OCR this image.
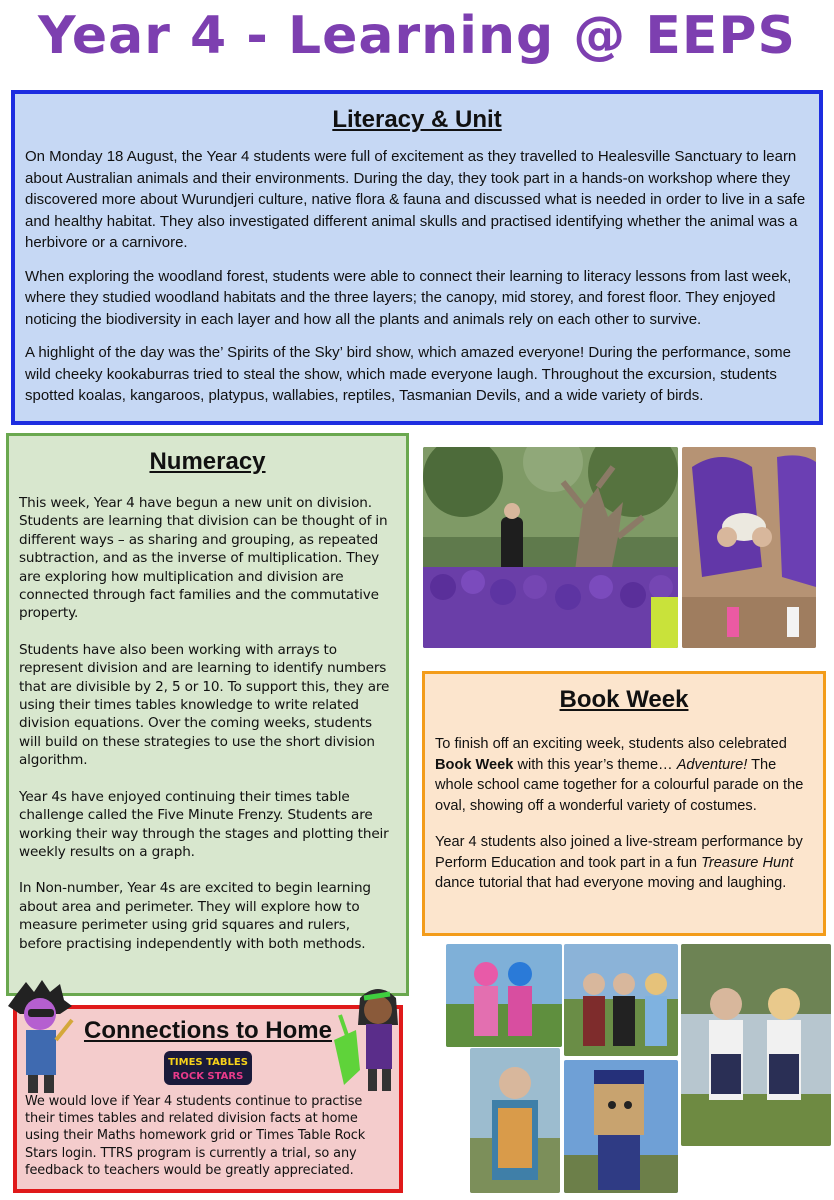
Year 4 - Learning @ EEPS
Literacy & Unit

On Monday 18 August, the Year 4 students were full of excitement as they travelled to Healesville Sanctuary to learn about Australian animals and their environments. During the day, they took part in a hands-on workshop where they discovered more about Wurundjeri culture, native flora & fauna and discussed what is needed in order to live in a safe and healthy habitat. They also investigated different animal skulls and practised identifying whether the animal was a herbivore or a carnivore.

When exploring the woodland forest, students were able to connect their learning to literacy lessons from last week, where they studied woodland habitats and the three layers; the canopy, mid storey, and forest floor. They enjoyed noticing the biodiversity in each layer and how all the plants and animals rely on each other to survive.

A highlight of the day was the’ Spirits of the Sky’ bird show, which amazed everyone! During the performance, some wild cheeky kookaburras tried to steal the show, which made everyone laugh. Throughout the excursion, students spotted koalas, kangaroos, platypus, wallabies, reptiles, Tasmanian Devils, and a wide variety of birds.

Numeracy

This week, Year 4 have begun a new unit on division. Students are learning that division can be thought of in different ways – as sharing and grouping, as repeated subtraction, and as the inverse of multiplication. They are exploring how multiplication and division are connected through fact families and the commutative property.

Students have also been working with arrays to represent division and are learning to identify numbers that are divisible by 2, 5 or 10. To support this, they are using their times tables knowledge to write related division equations. Over the coming weeks, students will build on these strategies to use the short division algorithm.

Year 4s have enjoyed continuing their times table challenge called the Five Minute Frenzy. Students are working their way through the stages and plotting their weekly results on a graph.

In Non-number, Year 4s are excited to begin learning about area and perimeter. They will explore how to measure perimeter using grid squares and rulers, before practising independently with both methods.

Book Week

To finish off an exciting week, students also celebrated Book Week with this year’s theme… Adventure! The whole school came together for a colourful parade on the oval, showing off a wonderful variety of costumes.

Year 4 students also joined a live-stream performance by Perform Education and took part in a fun Treasure Hunt dance tutorial that had everyone moving and laughing.

Connections to Home
TIMES TABLES
ROCK STARS

We would love if Year 4 students continue to practise their times tables and related division facts at home using their Maths homework grid or Times Table Rock Stars login. TTRS program is currently a trial, so any feedback to teachers would be greatly appreciated.
